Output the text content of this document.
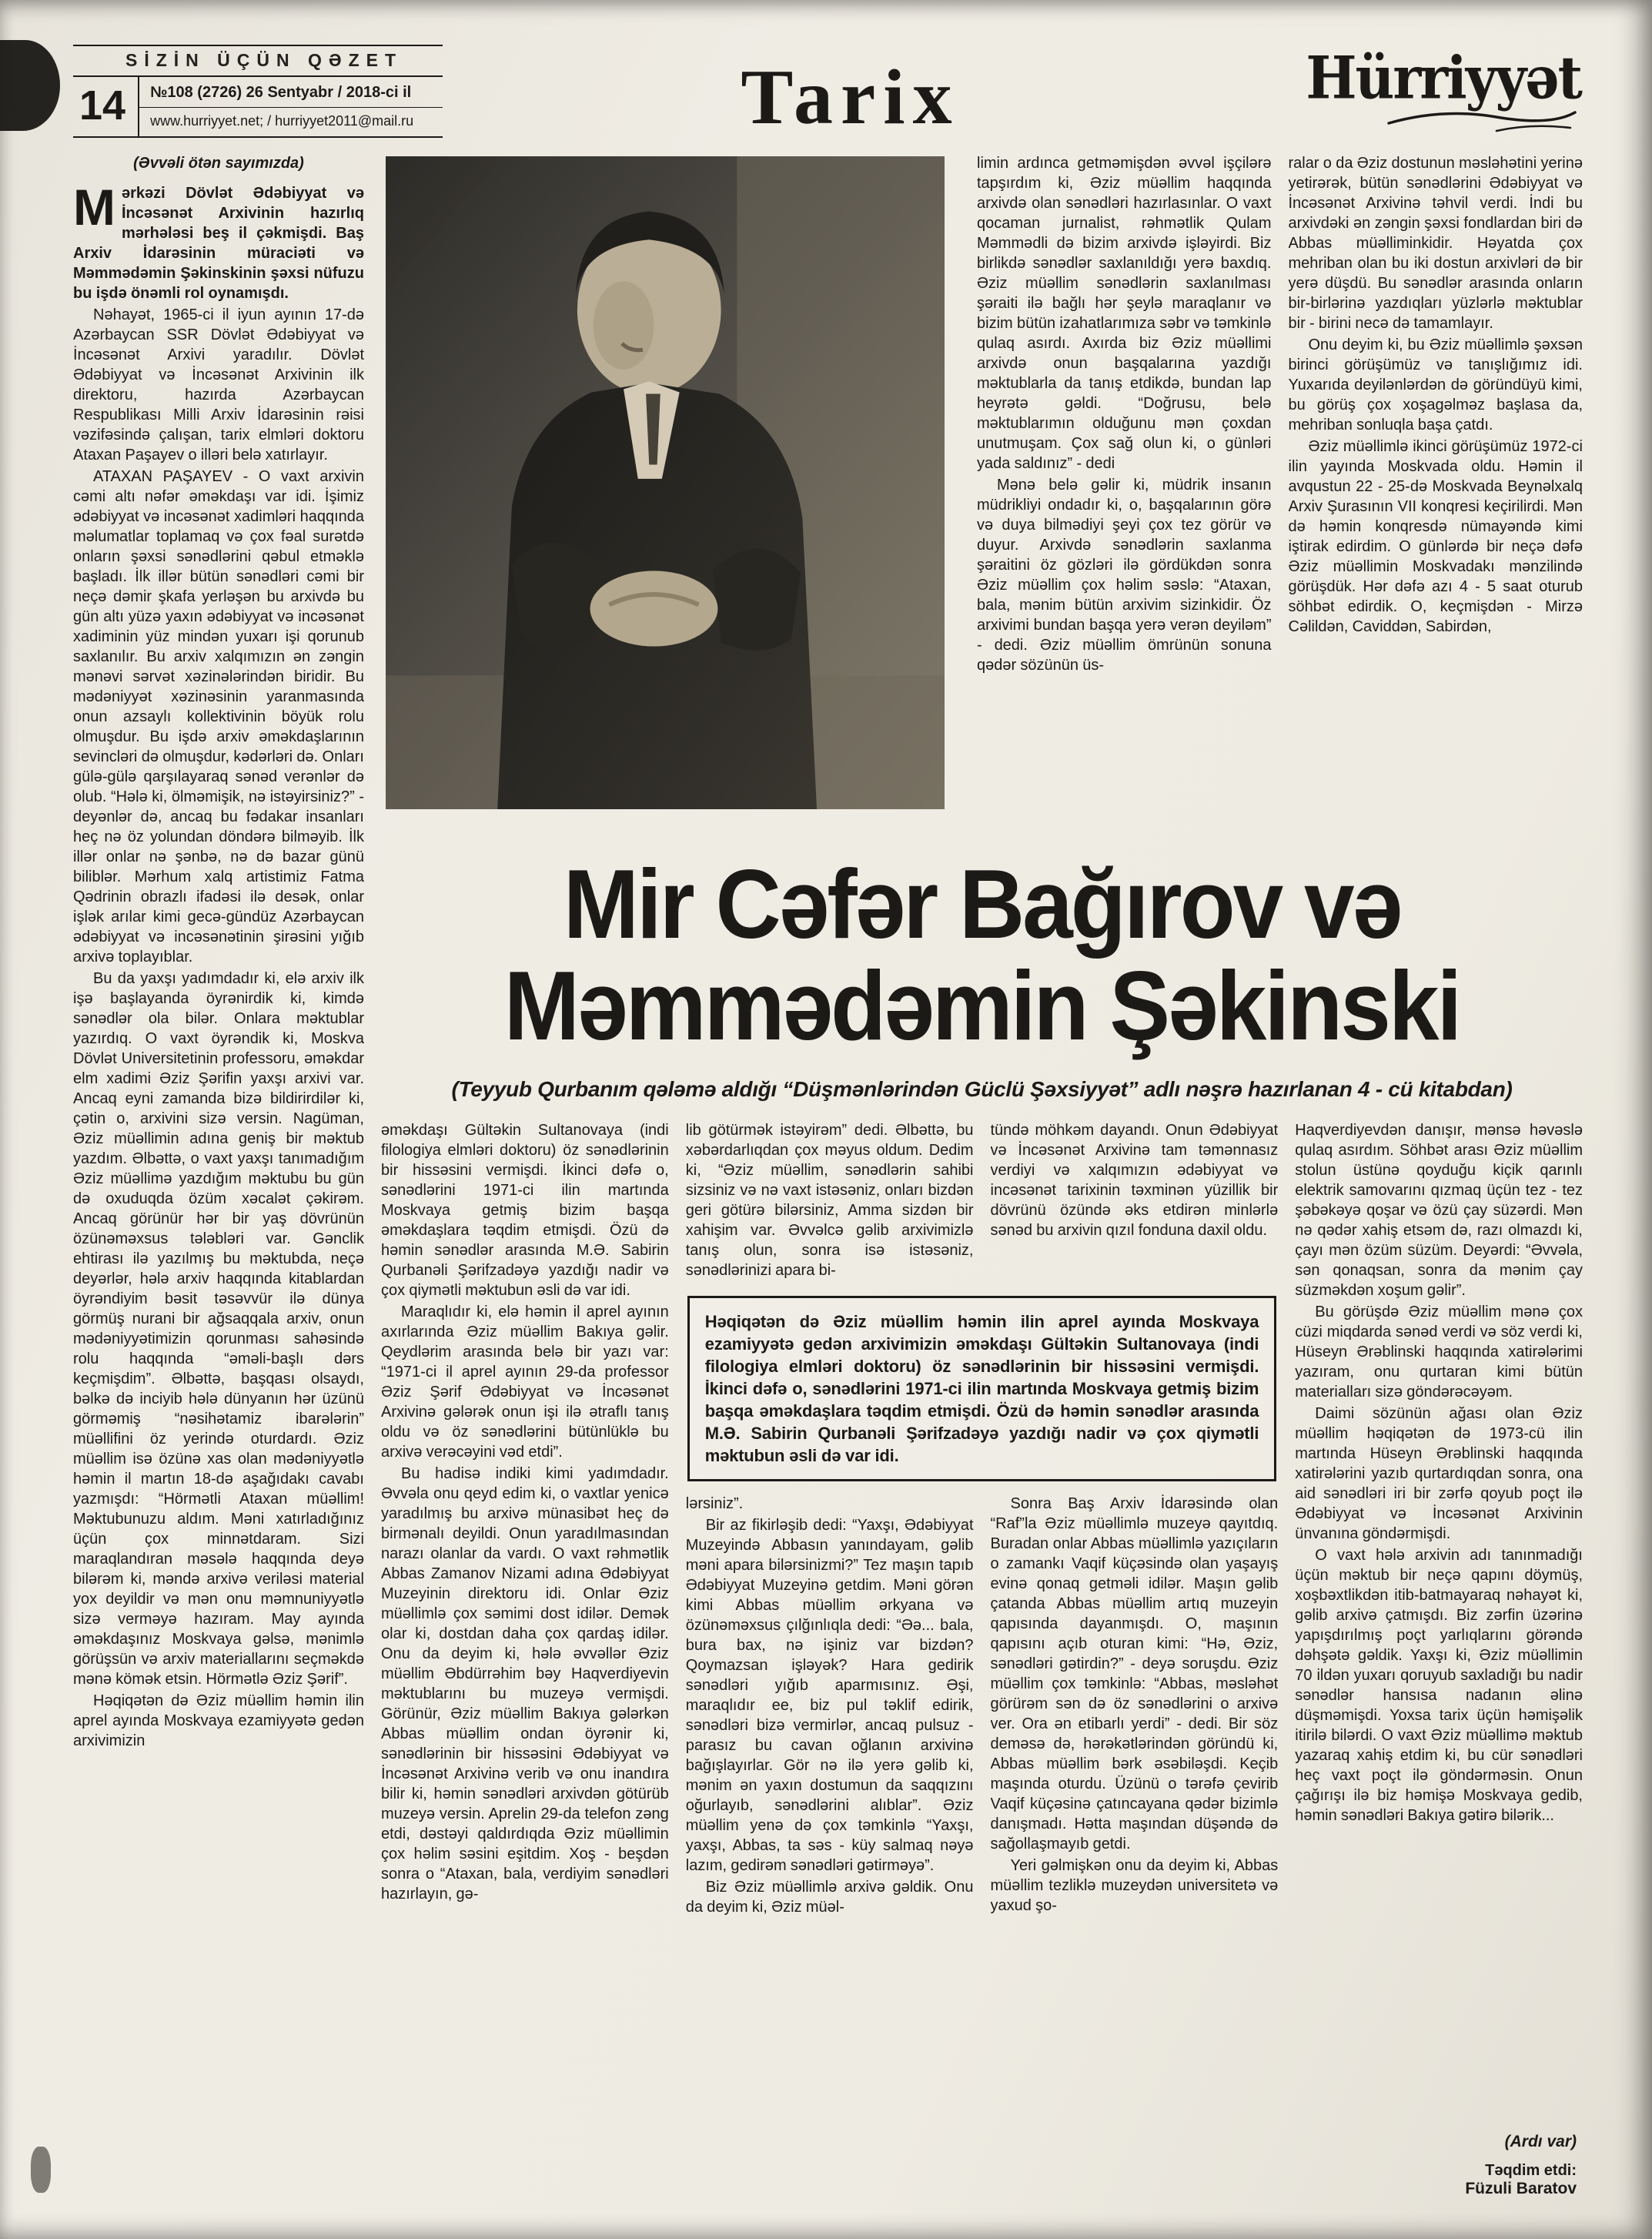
SİZİN ÜÇÜN QƏZET
14	№108 (2726) 26 Sentyabr / 2018-ci il
www.hurriyyet.net; / hurriyyet2011@mail.ru	Tarix	Hürriyyət
(Əvvəli ötən sayımızda)

Mərkəzi Dövlət Ədəbiyyat və İncəsənət Arxivinin hazırlıq mərhələsi beş il çəkmişdi. Baş Arxiv İdarəsinin müraciəti və Məmmədəmin Şəkinskinin şəxsi nüfuzu bu işdə önəmli rol oynamışdı.

Nəhayət, 1965-ci il iyun ayının 17-də Azərbaycan SSR Dövlət Ədəbiyyat və İncəsənət Arxivi yaradılır. Dövlət Ədəbiyyat və İncəsənət Arxivinin ilk direktoru, hazırda Azərbaycan Respublikası Milli Arxiv İdarəsinin rəisi vəzifəsində çalışan, tarix elmləri doktoru Ataxan Paşayev o illəri belə xatırlayır.

ATAXAN PAŞAYEV - O vaxt arxivin cəmi altı nəfər əməkdaşı var idi. İşimiz ədəbiyyat və incəsənət xadimləri haqqında məlumatlar toplamaq və çox fəal surətdə onların şəxsi sənədlərini qəbul etməklə başladı. İlk illər bütün sənədləri cəmi bir neçə dəmir şkafa yerləşən bu arxivdə bu gün altı yüzə yaxın ədəbiyyat və incəsənət xadiminin yüz mindən yuxarı işi qorunub saxlanılır. Bu arxiv xalqımızın ən zəngin mənəvi sərvət xəzinələrindən biridir. Bu mədəniyyət xəzinəsinin yaranmasında onun azsaylı kollektivinin böyük rolu olmuşdur. Bu işdə arxiv əməkdaşlarının sevincləri də olmuşdur, kədərləri də. Onları gülə-gülə qarşılayaraq sənəd verənlər də olub. “Hələ ki, ölməmişik, nə istəyirsiniz?” - deyənlər də, ancaq bu fədakar insanları heç nə öz yolundan döndərə bilməyib. İlk illər onlar nə şənbə, nə də bazar günü biliblər. Mərhum xalq artistimiz Fatma Qədrinin obrazlı ifadəsi ilə desək, onlar işlək arılar kimi gecə-gündüz Azərbaycan ədəbiyyat və incəsənətinin şirəsini yığıb arxivə toplayıblar.

Bu da yaxşı yadımdadır ki, elə arxiv ilk işə başlayanda öyrənirdik ki, kimdə sənədlər ola bilər. Onlara məktublar yazırdıq. O vaxt öyrəndik ki, Moskva Dövlət Universitetinin professoru, əməkdar elm xadimi Əziz Şərifin yaxşı arxivi var. Ancaq eyni zamanda bizə bildirirdilər ki, çətin o, arxivini sizə versin. Nagüman, Əziz müəllimin adına geniş bir məktub yazdım. Əlbəttə, o vaxt yaxşı tanımadığım Əziz müəllimə yazdığım məktubu bu gün də oxuduqda özüm xəcalət çəkirəm. Ancaq görünür hər bir yaş dövrünün özünəməxsus tələbləri var. Gənclik ehtirası ilə yazılmış bu məktubda, neçə deyərlər, hələ arxiv haqqında kitablardan öyrəndiyim bəsit təsəvvür ilə dünya görmüş nurani bir ağsaqqala arxiv, onun mədəniyyətimizin qorunması sahəsində rolu haqqında “əməli-başlı dərs keçmişdim”. Əlbəttə, başqası olsaydı, bəlkə də inciyib hələ dünyanın hər üzünü görməmiş “nəsihətamiz ibarələrin” müəllifini öz yerində oturdardı. Əziz müəllim isə özünə xas olan mədəniyyətlə həmin il martın 18-də aşağıdakı cavabı yazmışdı: “Hörmətli Ataxan müəllim! Məktubunuzu aldım. Məni xatırladığınız üçün çox minnətdaram. Sizi maraqlandıran məsələ haqqında deyə bilərəm ki, məndə arxivə veriləsi material yox deyildir və mən onu məmnuniyyətlə sizə verməyə hazıram. May ayında əməkdaşınız Moskvaya gəlsə, mənimlə görüşsün və arxiv materiallarını seçməkdə mənə kömək etsin. Hörmətlə Əziz Şərif”.

Həqiqətən də Əziz müəllim həmin ilin aprel ayında Moskvaya ezamiyyətə gedən arxivimizin

limin ardınca getməmişdən əvvəl işçilərə tapşırdım ki, Əziz müəllim haqqında arxivdə olan sənədləri hazırlasınlar. O vaxt qocaman jurnalist, rəhmətlik Qulam Məmmədli də bizim arxivdə işləyirdi. Biz birlikdə sənədlər saxlanıldığı yerə baxdıq. Əziz müəllim sənədlərin saxlanılması şəraiti ilə bağlı hər şeylə maraqlanır və bizim bütün izahatlarımıza səbr və təmkinlə qulaq asırdı. Axırda biz Əziz müəllimi arxivdə onun başqalarına yazdığı məktublarla da tanış etdikdə, bundan lap heyrətə gəldi. “Doğrusu, belə məktublarımın olduğunu mən çoxdan unutmuşam. Çox sağ olun ki, o günləri yada saldınız” - dedi

Mənə belə gəlir ki, müdrik insanın müdrikliyi ondadır ki, o, başqalarının görə və duya bilmədiyi şeyi çox tez görür və duyur. Arxivdə sənədlərin saxlanma şəraitini öz gözləri ilə gördükdən sonra Əziz müəllim çox həlim səslə: “Ataxan, bala, mənim bütün arxivim sizinkidir. Öz arxivimi bundan başqa yerə verən deyiləm” - dedi. Əziz müəllim ömrünün sonuna qədər sözünün üs-

ralar o da Əziz dostunun məsləhətini yerinə yetirərək, bütün sənədlərini Ədəbiyyat və İncəsənət Arxivinə təhvil verdi. İndi bu arxivdəki ən zəngin şəxsi fondlardan biri də Abbas müəlliminkidir. Həyatda çox mehriban olan bu iki dostun arxivləri də bir yerə düşdü. Bu sənədlər arasında onların bir-birlərinə yazdıqları yüzlərlə məktublar bir - birini necə də tamamlayır.

Onu deyim ki, bu Əziz müəllimlə şəxsən birinci görüşümüz və tanışlığımız idi. Yuxarıda deyilənlərdən də göründüyü kimi, bu görüş çox xoşagəlməz başlasa da, mehriban sonluqla başa çatdı.

Əziz müəllimlə ikinci görüşümüz 1972-ci ilin yayında Moskvada oldu. Həmin il avqustun 22 - 25-də Moskvada Beynəlxalq Arxiv Şurasının VII konqresi keçirilirdi. Mən də həmin konqresdə nümayəndə kimi iştirak edirdim. O günlərdə bir neçə dəfə Əziz müəllimin Moskvadakı mənzilində görüşdük. Hər dəfə azı 4 - 5 saat oturub söhbət edirdik. O, keçmişdən - Mirzə Cəlildən, Caviddən, Sabirdən,

Mir Cəfər Bağırov və
Məmmədəmin Şəkinski
(Teyyub Qurbanım qələmə aldığı “Düşmənlərindən Güclü Şəxsiyyət” adlı nəşrə hazırlanan 4 - cü kitabdan)

əməkdaşı Gültəkin Sultanovaya (indi filologiya elmləri doktoru) öz sənədlərinin bir hissəsini vermişdi. İkinci dəfə o, sənədlərini 1971-ci ilin martında Moskvaya getmiş bizim başqa əməkdaşlara təqdim etmişdi. Özü də həmin sənədlər arasında M.Ə. Sabirin Qurbanəli Şərifzadəyə yazdığı nadir və çox qiymətli məktubun əsli də var idi.

Maraqlıdır ki, elə həmin il aprel ayının axırlarında Əziz müəllim Bakıya gəlir. Qeydlərim arasında belə bir yazı var: “1971-ci il aprel ayının 29-da professor Əziz Şərif Ədəbiyyat və İncəsənət Arxivinə gələrək onun işi ilə ətraflı tanış oldu və öz sənədlərini bütünlüklə bu arxivə verəcəyini vəd etdi”.

Bu hadisə indiki kimi yadımdadır. Əvvəla onu qeyd edim ki, o vaxtlar yenicə yaradılmış bu arxivə münasibət heç də birmənalı deyildi. Onun yaradılmasından narazı olanlar da vardı. O vaxt rəhmətlik Abbas Zamanov Nizami adına Ədəbiyyat Muzeyinin direktoru idi. Onlar Əziz müəllimlə çox səmimi dost idilər. Demək olar ki, dostdan daha çox qardaş idilər. Onu da deyim ki, hələ əvvəllər Əziz müəllim Əbdürrəhim bəy Haqverdiyevin məktublarını bu muzeyə vermişdi. Görünür, Əziz müəllim Bakıya gələrkən Abbas müəllim ondan öyrənir ki, sənədlərinin bir hissəsini Ədəbiyyat və İncəsənət Arxivinə verib və onu inandıra bilir ki, həmin sənədləri arxivdən götürüb muzeyə versin. Aprelin 29-da telefon zəng etdi, dəstəyi qaldırdıqda Əziz müəllimin çox həlim səsini eşitdim. Xoş - beşdən sonra o “Ataxan, bala, verdiyim sənədləri hazırlayın, gə-

lib götürmək istəyirəm” dedi. Əlbəttə, bu xəbərdarlıqdan çox məyus oldum. Dedim ki, “Əziz müəllim, sənədlərin sahibi sizsiniz və nə vaxt istəsəniz, onları bizdən geri götürə bilərsiniz, Amma sizdən bir xahişim var. Əvvəlcə gəlib arxivimizlə tanış olun, sonra isə istəsəniz, sənədlərinizi apara bi-

tündə möhkəm dayandı. Onun Ədəbiyyat və İncəsənət Arxivinə tam təmənnasız verdiyi və xalqımızın ədəbiyyat və incəsənət tarixinin təxminən yüzillik bir dövrünü özündə əks etdirən minlərlə sənəd bu arxivin qızıl fonduna daxil oldu.

Həqiqətən də Əziz müəllim həmin ilin aprel ayında Moskvaya ezamiyyətə gedən arxivimizin əməkdaşı Gültəkin Sultanovaya (indi filologiya elmləri doktoru) öz sənədlərinin bir hissəsini vermişdi. İkinci dəfə o, sənədlərini 1971-ci ilin martında Moskvaya getmiş bizim başqa əməkdaşlara təqdim etmişdi. Özü də həmin sənədlər arasında M.Ə. Sabirin Qurbanəli Şərifzadəyə yazdığı nadir və çox qiymətli məktubun əsli də var idi.

lərsiniz”.

Bir az fikirləşib dedi: “Yaxşı, Ədəbiyyat Muzeyində Abbasın yanındayam, gəlib məni apara bilərsinizmi?” Tez maşın tapıb Ədəbiyyat Muzeyinə getdim. Məni görən kimi Abbas müəllim ərkyana və özünəməxsus çılğınlıqla dedi: “Əə... bala, bura bax, nə işiniz var bizdən? Qoymazsan işləyək? Hara gedirik sənədləri yığıb aparmısınız. Əşi, maraqlıdır ee, biz pul təklif edirik, sənədləri bizə vermirlər, ancaq pulsuz - parasız bu cavan oğlanın arxivinə bağışlayırlar. Gör nə ilə yerə gəlib ki, mənim ən yaxın dostumun da saqqızını oğurlayıb, sənədlərini alıblar”. Əziz müəllim yenə də çox təmkinlə “Yaxşı, yaxşı, Abbas, ta səs - küy salmaq nəyə lazım, gedirəm sənədləri gətirməyə”.

Biz Əziz müəllimlə arxivə gəldik. Onu da deyim ki, Əziz müəl-

Sonra Baş Arxiv İdarəsində olan “Raf”la Əziz müəllimlə muzeyə qayıtdıq. Buradan onlar Abbas müəllimlə yazıçıların o zamankı Vaqif küçəsində olan yaşayış evinə qonaq getməli idilər. Maşın gəlib çatanda Abbas müəllim artıq muzeyin qapısında dayanmışdı. O, maşının qapısını açıb oturan kimi: “Hə, Əziz, sənədləri gətirdin?” - deyə soruşdu. Əziz müəllim çox təmkinlə: “Abbas, məsləhət görürəm sən də öz sənədlərini o arxivə ver. Ora ən etibarlı yerdi” - dedi. Bir söz deməsə də, hərəkətlərindən göründü ki, Abbas müəllim bərk əsəbiləşdi. Keçib maşında oturdu. Üzünü o tərəfə çevirib Vaqif küçəsinə çatıncayana qədər bizimlə danışmadı. Hətta maşından düşəndə də sağollaşmayıb getdi.

Yeri gəlmişkən onu da deyim ki, Abbas müəllim tezliklə muzeydən universitetə və yaxud şo-

Haqverdiyevdən danışır, mənsə həvəslə qulaq asırdım. Söhbət arası Əziz müəllim stolun üstünə qoyduğu kiçik qarınlı elektrik samovarını qızmaq üçün tez - tez şəbəkəyə qoşar və özü çay süzərdi. Mən nə qədər xahiş etsəm də, razı olmazdı ki, çayı mən özüm süzüm. Deyərdi: “Əvvəla, sən qonaqsan, sonra da mənim çay süzməkdən xoşum gəlir”.

Bu görüşdə Əziz müəllim mənə çox cüzi miqdarda sənəd verdi və söz verdi ki, Hüseyn Ərəblinski haqqında xatirələrimi yazıram, onu qurtaran kimi bütün materialları sizə göndərəcəyəm.

Daimi sözünün ağası olan Əziz müəllim həqiqətən də 1973-cü ilin martında Hüseyn Ərəblinski haqqında xatirələrini yazıb qurtardıqdan sonra, ona aid sənədləri iri bir zərfə qoyub poçt ilə Ədəbiyyat və İncəsənət Arxivinin ünvanına göndərmişdi.

O vaxt hələ arxivin adı tanınmadığı üçün məktub bir neçə qapını döymüş, xoşbəxtlikdən itib-batmayaraq nəhayət ki, gəlib arxivə çatmışdı. Biz zərfin üzərinə yapışdırılmış poçt yarlıqlarını görəndə dəhşətə gəldik. Yaxşı ki, Əziz müəllimin 70 ildən yuxarı qoruyub saxladığı bu nadir sənədlər hansısa nadanın əlinə düşməmişdi. Yoxsa tarix üçün həmişəlik itirilə bilərdi. O vaxt Əziz müəllimə məktub yazaraq xahiş etdim ki, bu cür sənədləri heç vaxt poçt ilə göndərməsin. Onun çağırışı ilə biz həmişə Moskvaya gedib, həmin sənədləri Bakıya gətirə bilərik...

(Ardı var)
Təqdim etdi:
Füzuli Baratov
